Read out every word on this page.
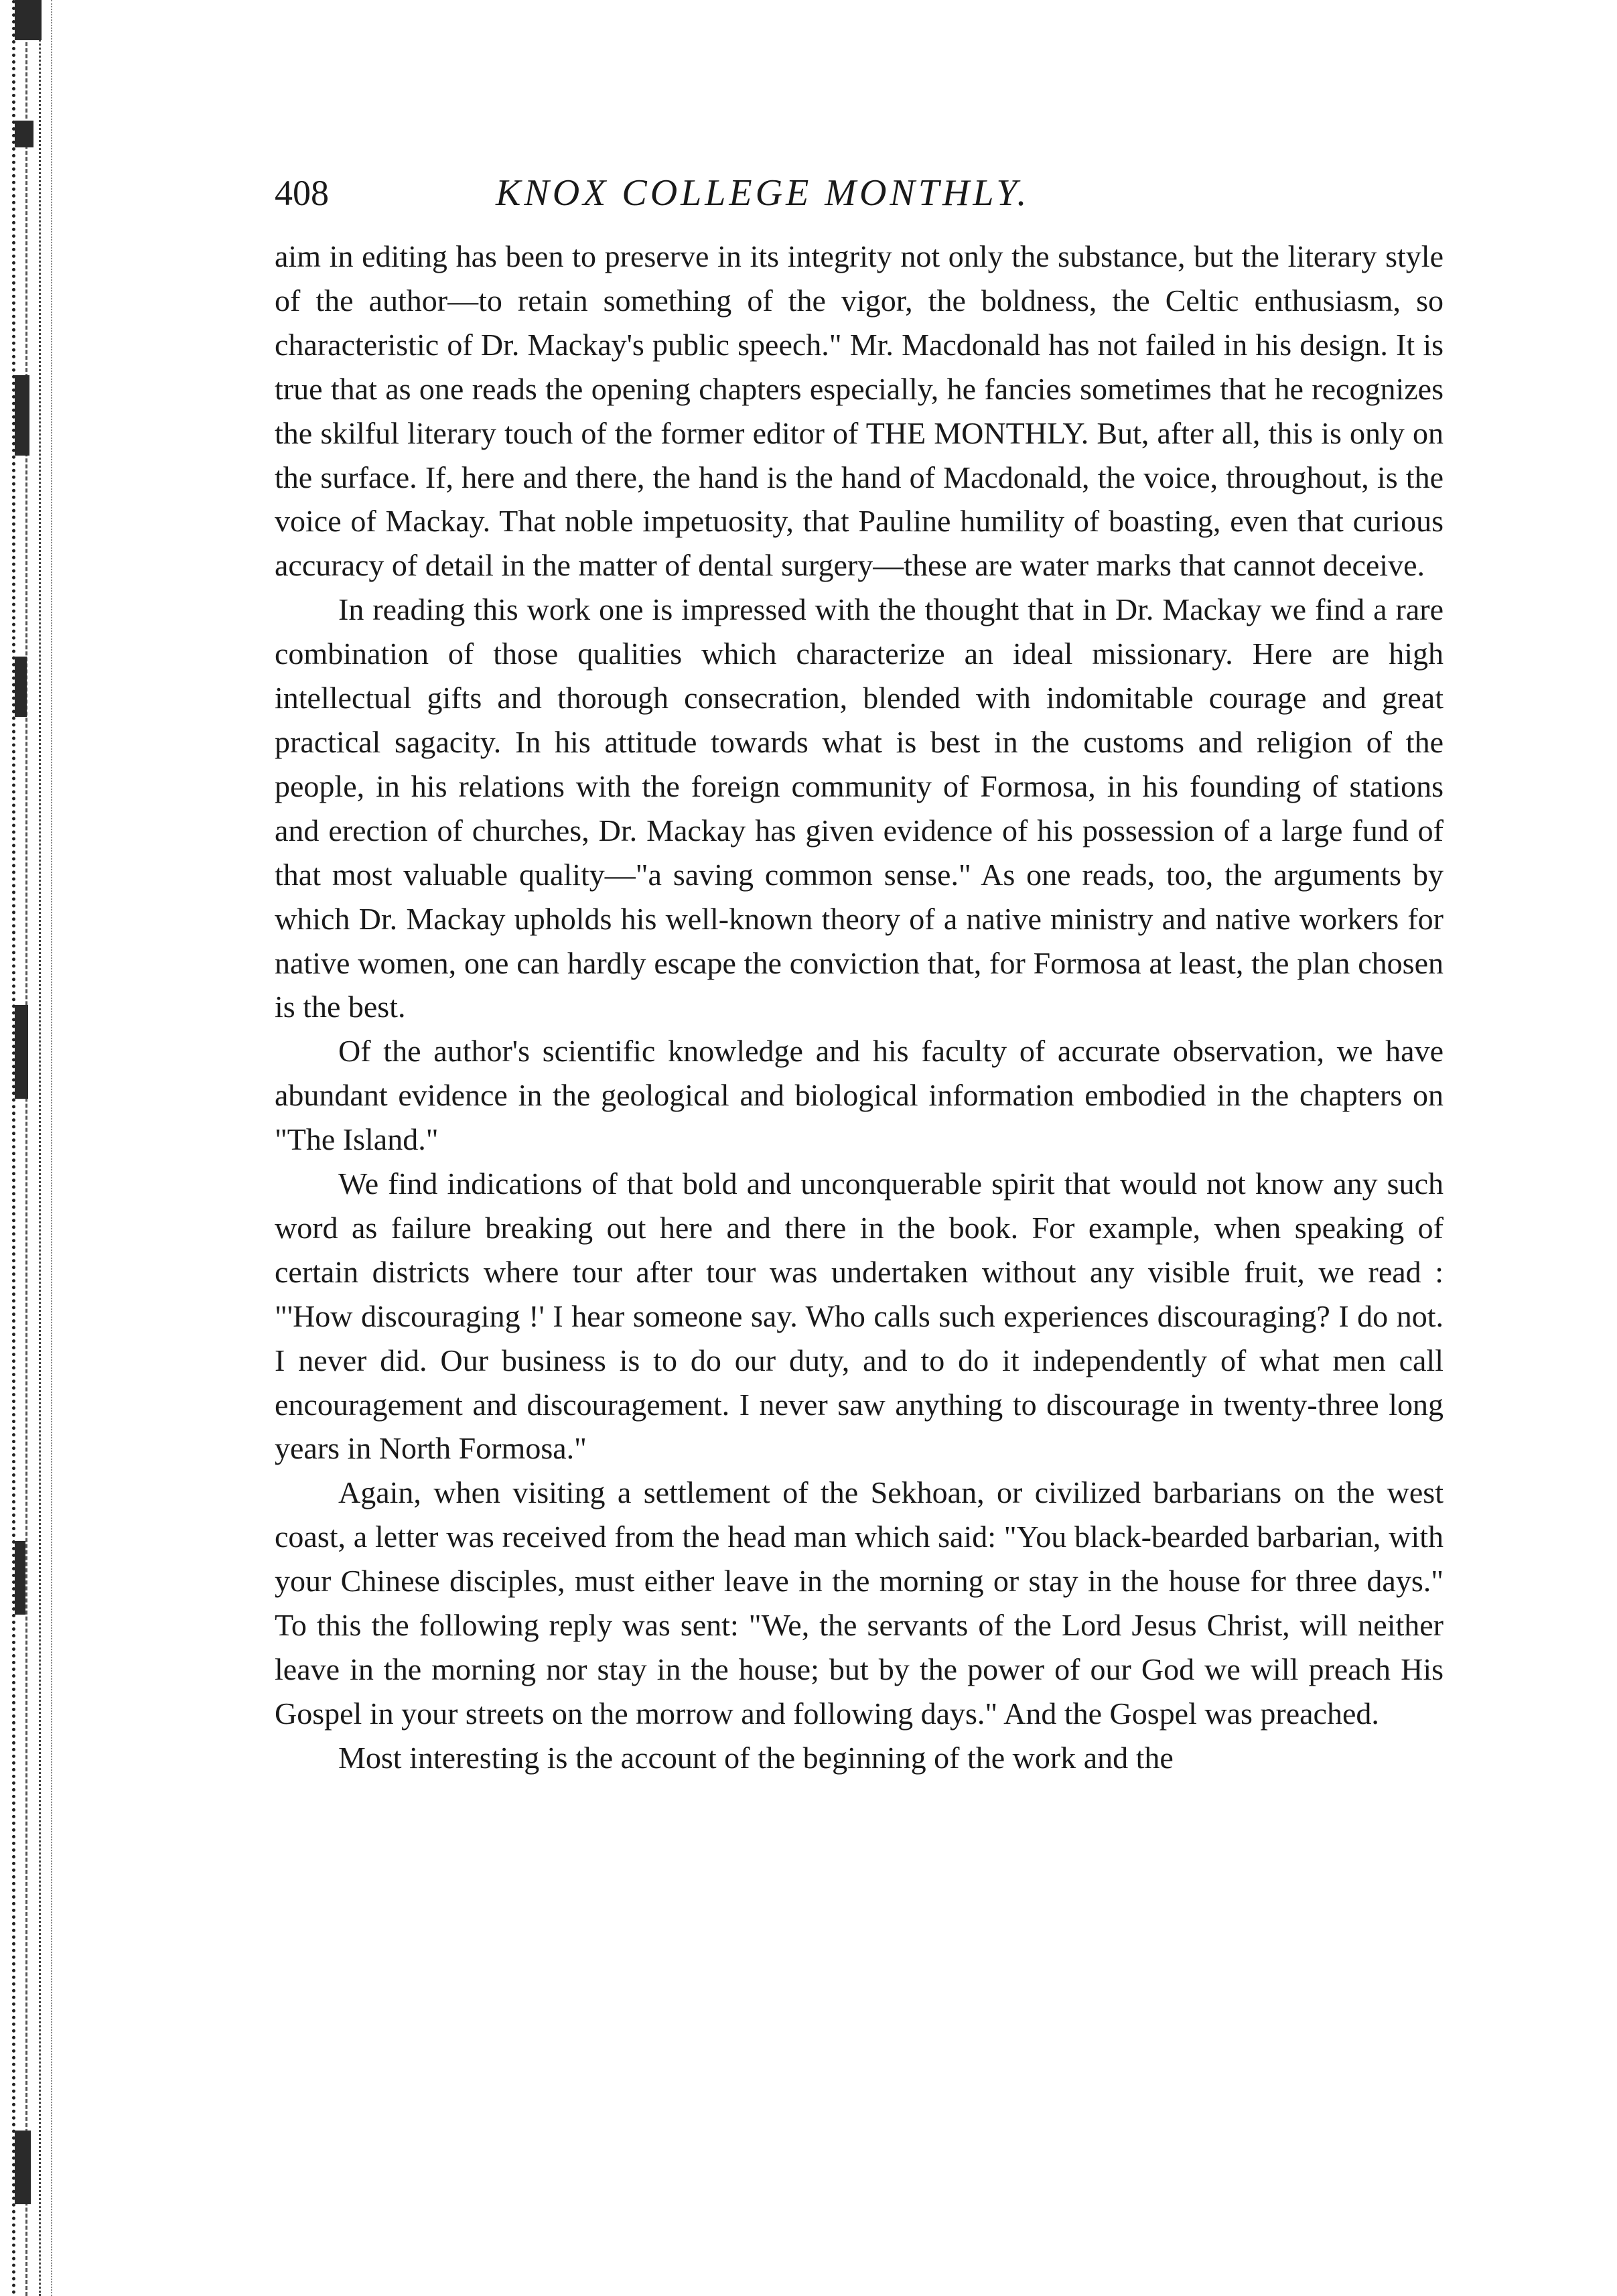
408	KNOX COLLEGE MONTHLY.

aim in editing has been to preserve in its integrity not only the substance, but the literary style of the author—to retain something of the vigor, the boldness, the Celtic enthusiasm, so characteristic of Dr. Mackay's public speech." Mr. Macdonald has not failed in his design. It is true that as one reads the opening chapters especially, he fancies sometimes that he recognizes the skilful literary touch of the former editor of THE MONTHLY. But, after all, this is only on the surface. If, here and there, the hand is the hand of Macdonald, the voice, throughout, is the voice of Mackay. That noble impetuosity, that Pauline humility of boasting, even that curious accuracy of detail in the matter of dental surgery—these are water marks that cannot deceive.

In reading this work one is impressed with the thought that in Dr. Mackay we find a rare combination of those qualities which characterize an ideal missionary. Here are high intellectual gifts and thorough consecration, blended with indomitable courage and great practical sagacity. In his attitude towards what is best in the customs and religion of the people, in his relations with the foreign community of Formosa, in his founding of stations and erection of churches, Dr. Mackay has given evidence of his possession of a large fund of that most valuable quality—"a saving common sense." As one reads, too, the arguments by which Dr. Mackay upholds his well-known theory of a native ministry and native workers for native women, one can hardly escape the conviction that, for Formosa at least, the plan chosen is the best.

Of the author's scientific knowledge and his faculty of accurate observation, we have abundant evidence in the geological and biological information embodied in the chapters on "The Island."

We find indications of that bold and unconquerable spirit that would not know any such word as failure breaking out here and there in the book. For example, when speaking of certain districts where tour after tour was undertaken without any visible fruit, we read : "'How discouraging !' I hear someone say. Who calls such experiences discouraging? I do not. I never did. Our business is to do our duty, and to do it independently of what men call encouragement and discouragement. I never saw anything to discourage in twenty-three long years in North Formosa."

Again, when visiting a settlement of the Sekhoan, or civilized barbarians on the west coast, a letter was received from the head man which said: "You black-bearded barbarian, with your Chinese disciples, must either leave in the morning or stay in the house for three days." To this the following reply was sent: "We, the servants of the Lord Jesus Christ, will neither leave in the morning nor stay in the house; but by the power of our God we will preach His Gospel in your streets on the morrow and following days." And the Gospel was preached.

Most interesting is the account of the beginning of the work and the
